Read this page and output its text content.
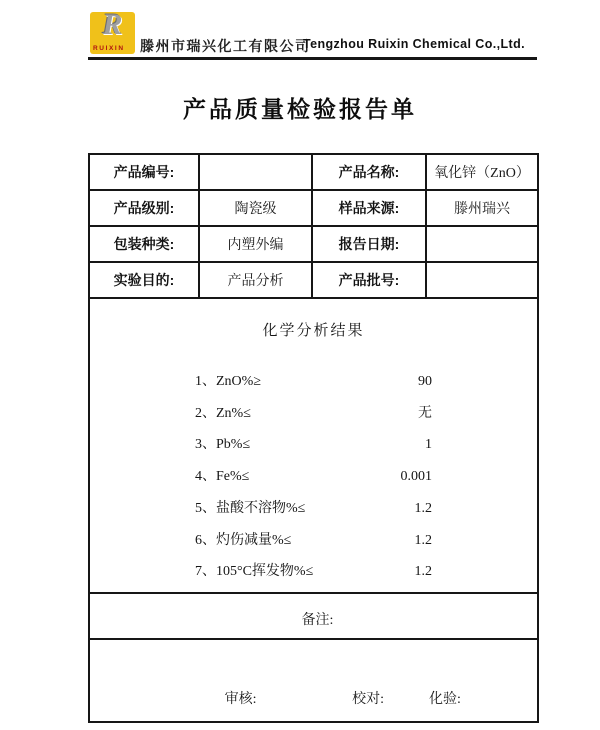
R
RUIXIN 滕州市瑞兴化工有限公司
Tengzhou Ruixin Chemical Co.,Ltd.
产品质量检验报告单
产品编号:		产品名称:	氧化锌（ZnO）
产品级别:	陶瓷级	样品来源:	滕州瑞兴
包装种类:	内塑外编	报告日期:	
实验目的:	产品分析	产品批号:	

化学分析结果
1、ZnO%≥	90
2、Zn%≤	无
3、Pb%≤	1
4、Fe%≤	0.001
5、盐酸不溶物%≤	1.2
6、灼伤减量%≤	1.2
7、105°C挥发物%≤	1.2

备注:			

审核: 校对: 化验:			
